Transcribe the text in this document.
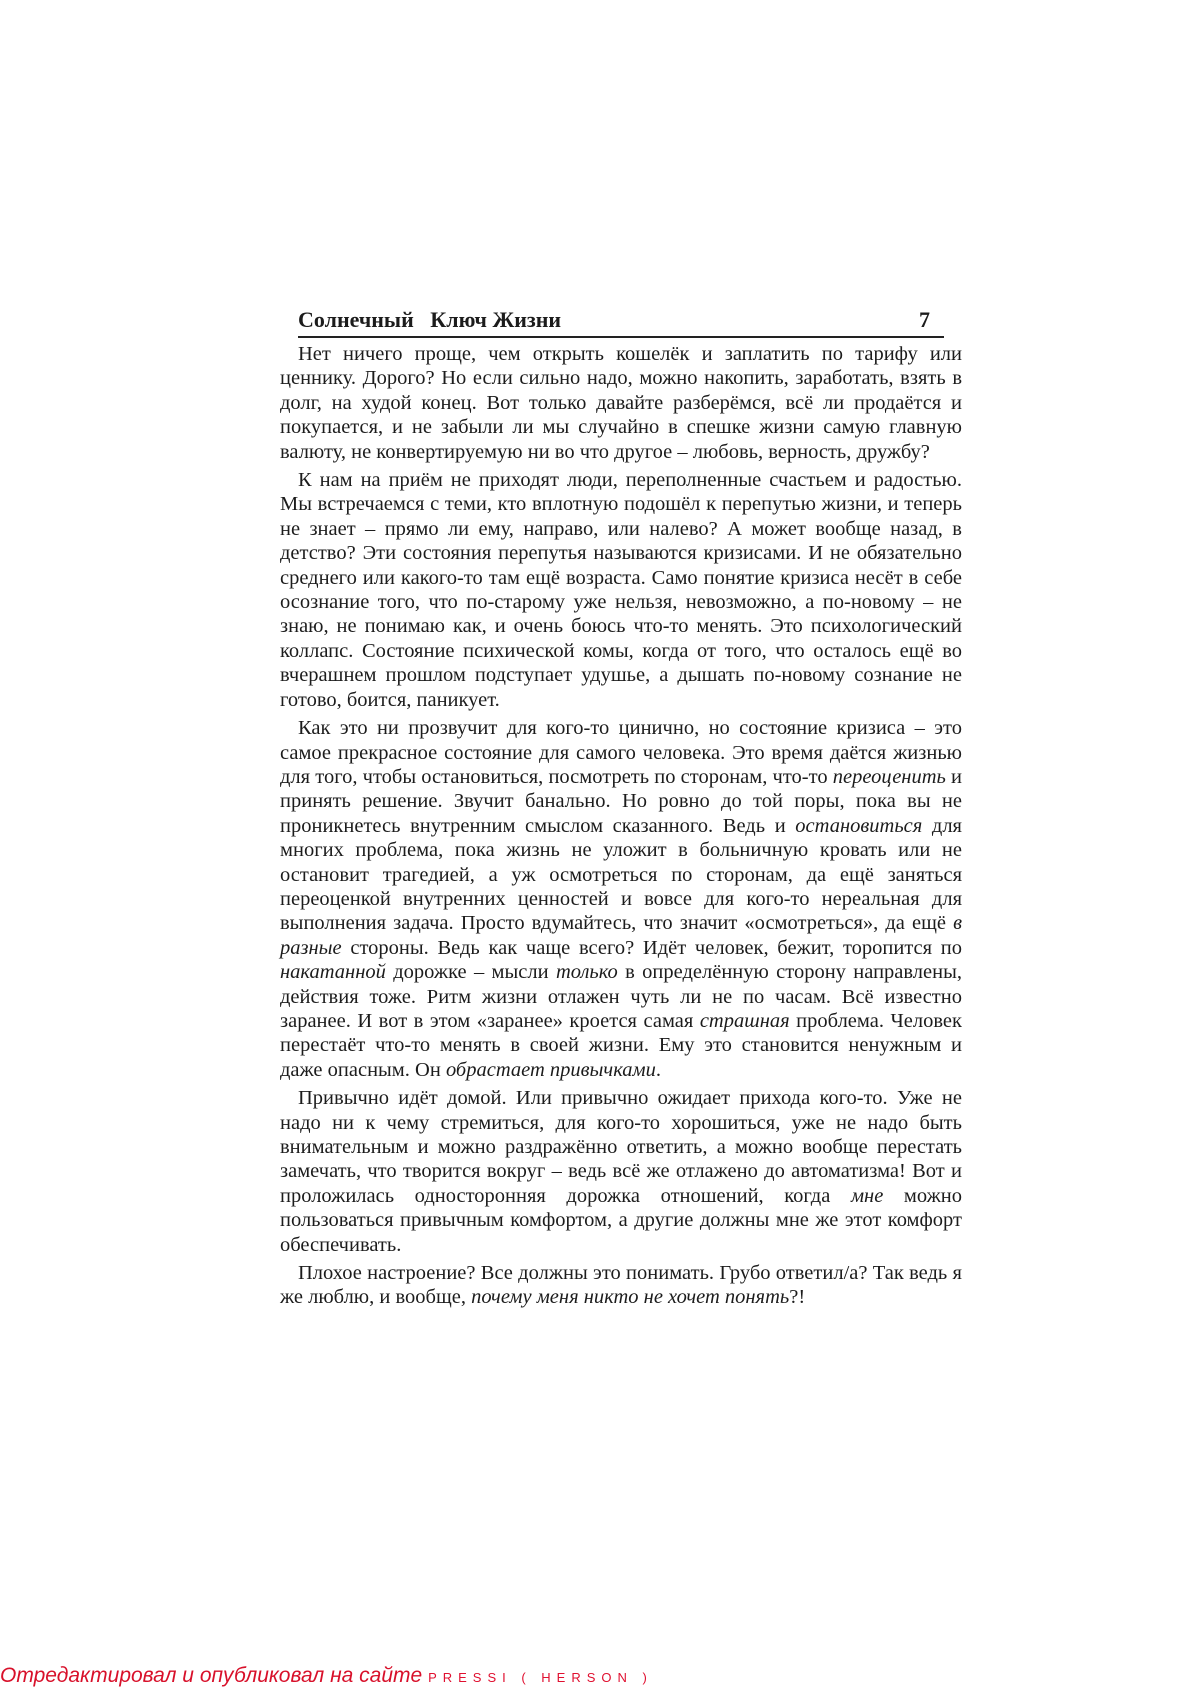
Солнечный   Ключ Жизни	7

Нет ничего проще, чем открыть кошелёк и заплатить по тарифу или ценнику. Дорого? Но если сильно надо, можно накопить, заработать, взять в долг, на худой конец. Вот только давайте разберёмся, всё ли продаётся и покупается, и не забыли ли мы случайно в спешке жизни самую главную валюту, не конвертируемую ни во что другое – любовь, верность, дружбу?

К нам на приём не приходят люди, переполненные счастьем и радостью. Мы встречаемся с теми, кто вплотную подошёл к перепутью жизни, и теперь не знает – прямо ли ему, направо, или налево? А может вообще назад, в детство? Эти состояния перепутья называются кризисами. И не обязательно среднего или какого-то там ещё возраста. Само понятие кризиса несёт в себе осознание того, что по-старому уже нельзя, невозможно, а по-новому – не знаю, не понимаю как, и очень боюсь что-то менять. Это психологический коллапс. Состояние психической комы, когда от того, что осталось ещё во вчерашнем прошлом подступает удушье, а дышать по-новому сознание не готово, боится, паникует.

Как это ни прозвучит для кого-то цинично, но состояние кризиса – это самое прекрасное состояние для самого человека. Это время даётся жизнью для того, чтобы остановиться, посмотреть по сторонам, что-то переоценить и принять решение. Звучит банально. Но ровно до той поры, пока вы не проникнетесь внутренним смыслом сказанного. Ведь и остановиться для многих проблема, пока жизнь не уложит в больничную кровать или не остановит трагедией, а уж осмотреться по сторонам, да ещё заняться переоценкой внутренних ценностей и вовсе для кого-то нереальная для выполнения задача. Просто вдумайтесь, что значит «осмотреться», да ещё в разные стороны. Ведь как чаще всего? Идёт человек, бежит, торопится по накатанной дорожке – мысли только в определённую сторону направлены, действия тоже. Ритм жизни отлажен чуть ли не по часам. Всё известно заранее. И вот в этом «заранее» кроется самая страшная проблема. Человек перестаёт что-то менять в своей жизни. Ему это становится ненужным и даже опасным. Он обрастает привычками.

Привычно идёт домой. Или привычно ожидает прихода кого-то. Уже не надо ни к чему стремиться, для кого-то хорошиться, уже не надо быть внимательным и можно раздражённо ответить, а можно вообще перестать замечать, что творится вокруг – ведь всё же отлажено до автоматизма! Вот и проложилась односторонняя дорожка отношений, когда мне можно пользоваться привычным комфортом, а другие должны мне же этот комфорт обеспечивать.

Плохое настроение? Все должны это понимать. Грубо ответил/а? Так ведь я же люблю, и вообще, почему меня никто не хочет понять?!

Отредактировал и опубликовал на сайте PRESSI ( HERSON )
